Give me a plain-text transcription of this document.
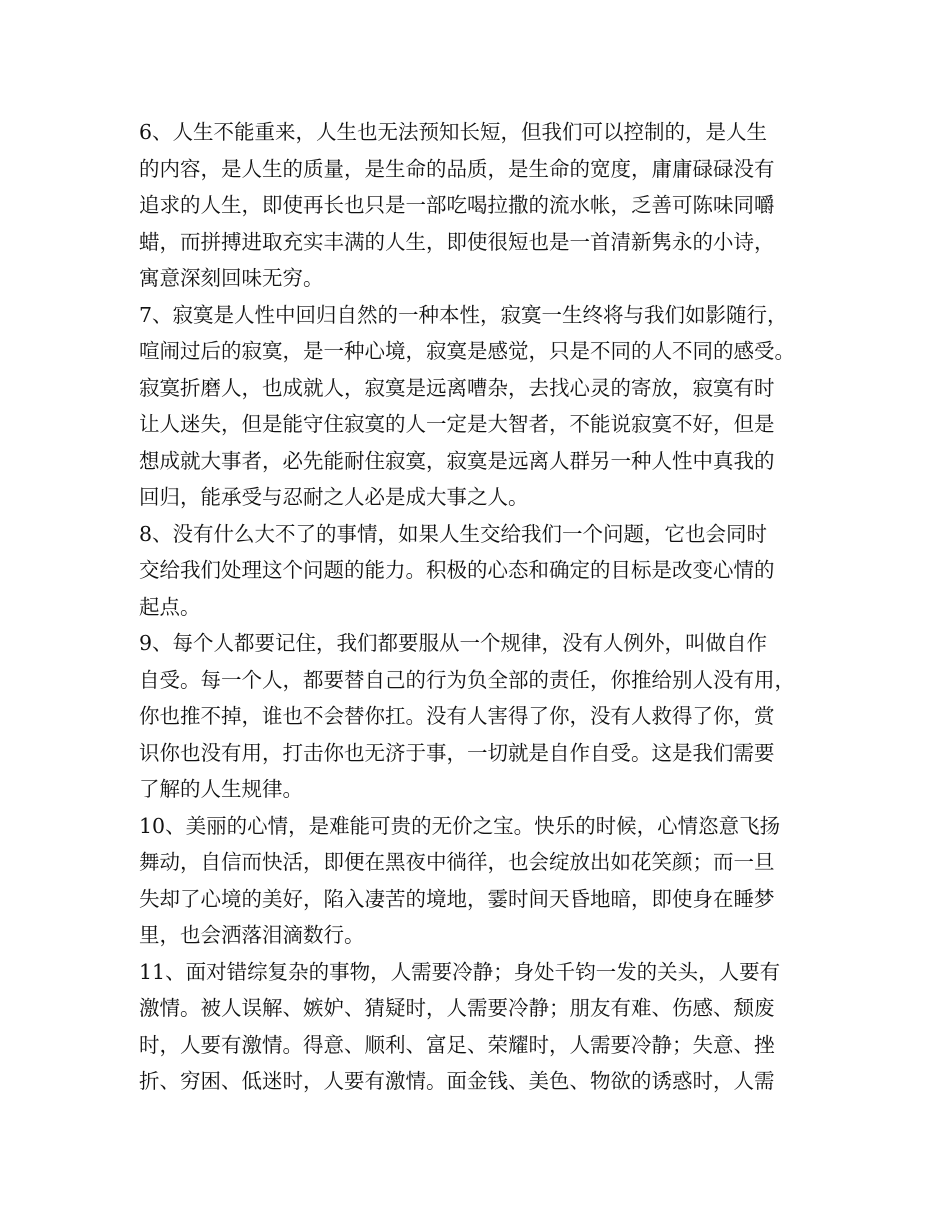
6、人生不能重来，人生也无法预知长短，但我们可以控制的，是人生
的内容，是人生的质量，是生命的品质，是生命的宽度，庸庸碌碌没有
追求的人生，即使再长也只是一部吃喝拉撒的流水帐，乏善可陈味同嚼
蜡，而拼搏进取充实丰满的人生，即使很短也是一首清新隽永的小诗，
寓意深刻回味无穷。
7、寂寞是人性中回归自然的一种本性，寂寞一生终将与我们如影随行，
喧闹过后的寂寞，是一种心境，寂寞是感觉，只是不同的人不同的感受。
寂寞折磨人，也成就人，寂寞是远离嘈杂，去找心灵的寄放，寂寞有时
让人迷失，但是能守住寂寞的人一定是大智者，不能说寂寞不好，但是
想成就大事者，必先能耐住寂寞，寂寞是远离人群另一种人性中真我的
回归，能承受与忍耐之人必是成大事之人。
8、没有什么大不了的事情，如果人生交给我们一个问题，它也会同时
交给我们处理这个问题的能力。积极的心态和确定的目标是改变心情的
起点。
9、每个人都要记住，我们都要服从一个规律，没有人例外，叫做自作
自受。每一个人，都要替自己的行为负全部的责任，你推给别人没有用，
你也推不掉，谁也不会替你扛。没有人害得了你，没有人救得了你，赏
识你也没有用，打击你也无济于事，一切就是自作自受。这是我们需要
了解的人生规律。
10、美丽的心情，是难能可贵的无价之宝。快乐的时候，心情恣意飞扬
舞动，自信而快活，即便在黑夜中徜徉，也会绽放出如花笑颜；而一旦
失却了心境的美好，陷入凄苦的境地，霎时间天昏地暗，即使身在睡梦
里，也会洒落泪滴数行。
11、面对错综复杂的事物，人需要冷静；身处千钧一发的关头，人要有
激情。被人误解、嫉妒、猜疑时，人需要冷静；朋友有难、伤感、颓废
时，人要有激情。得意、顺利、富足、荣耀时，人需要冷静；失意、挫
折、穷困、低迷时，人要有激情。面金钱、美色、物欲的诱惑时，人需
